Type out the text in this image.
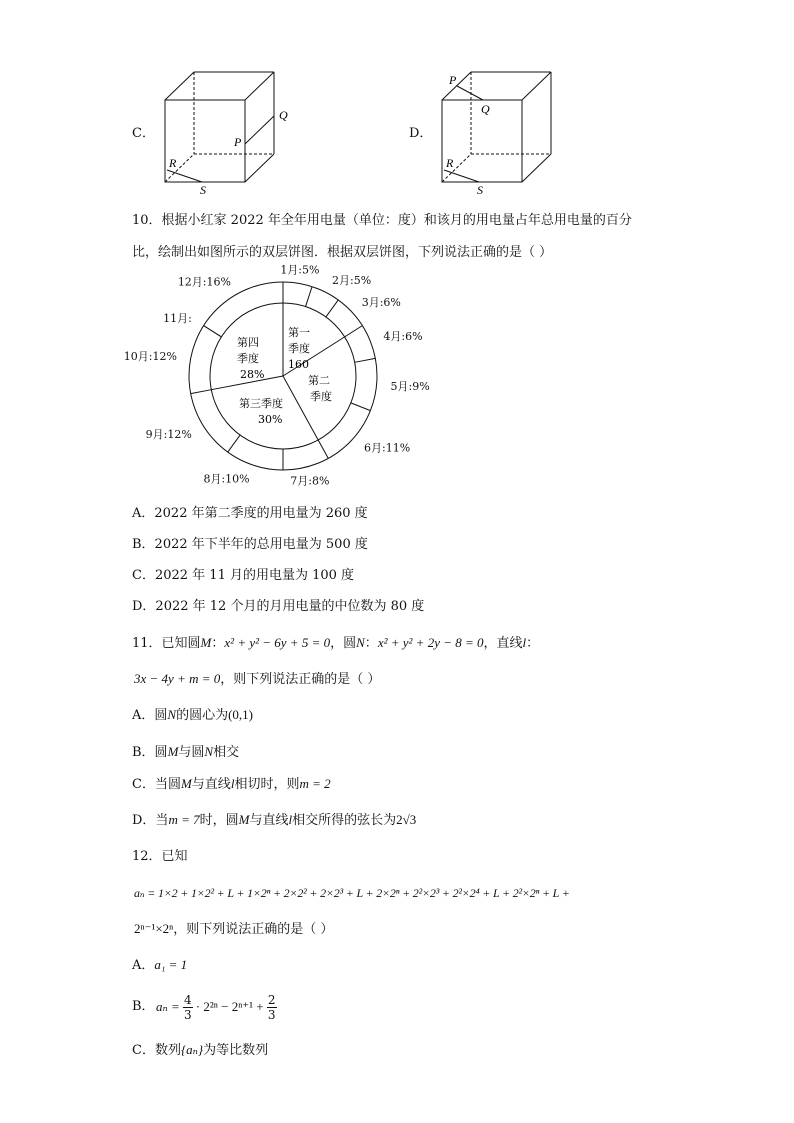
C．
Q
P
R
S
D．
P
Q
R
S
10．根据小红家 2022 年全年用电量（单位：度）和该月的用电量占年总用电量的百分
比，绘制出如图所示的双层饼图．根据双层饼图，下列说法正确的是（ ）
1月:5%
2月:5%
3月:6%
4月:6%
5月:9%
6月:11%
7月:8%
8月:10%
9月:12%
10月:12%
11月:
12月:16%
第一
季度
160
第二
季度
第三季度
30%
第四
季度
28%
A．2022 年第二季度的用电量为 260 度
B．2022 年下半年的总用电量为 500 度
C．2022 年 11 月的用电量为 100 度
D．2022 年 12 个月的月用电量的中位数为 80 度
11．已知圆M：x² + y² − 6y + 5 = 0，圆N：x² + y² + 2y − 8 = 0，直线l：
3x − 4y + m = 0，则下列说法正确的是（ ）
A．圆N的圆心为(0,1)
B．圆M与圆N相交
C．当圆M与直线l相切时，则m = 2
D．当m = 7时，圆M与直线l相交所得的弦长为2√3
12．已知
aₙ = 1×2 + 1×2² + L + 1×2ⁿ + 2×2² + 2×2³ + L + 2×2ⁿ + 2²×2³ + 2²×2⁴ + L + 2²×2ⁿ + L +
2ⁿ⁻¹×2ⁿ，则下列说法正确的是（ ）
A．a₁ = 1
B． aₙ = 4
3
· 2²ⁿ − 2ⁿ⁺¹ + 2
3
C．数列{aₙ}为等比数列
